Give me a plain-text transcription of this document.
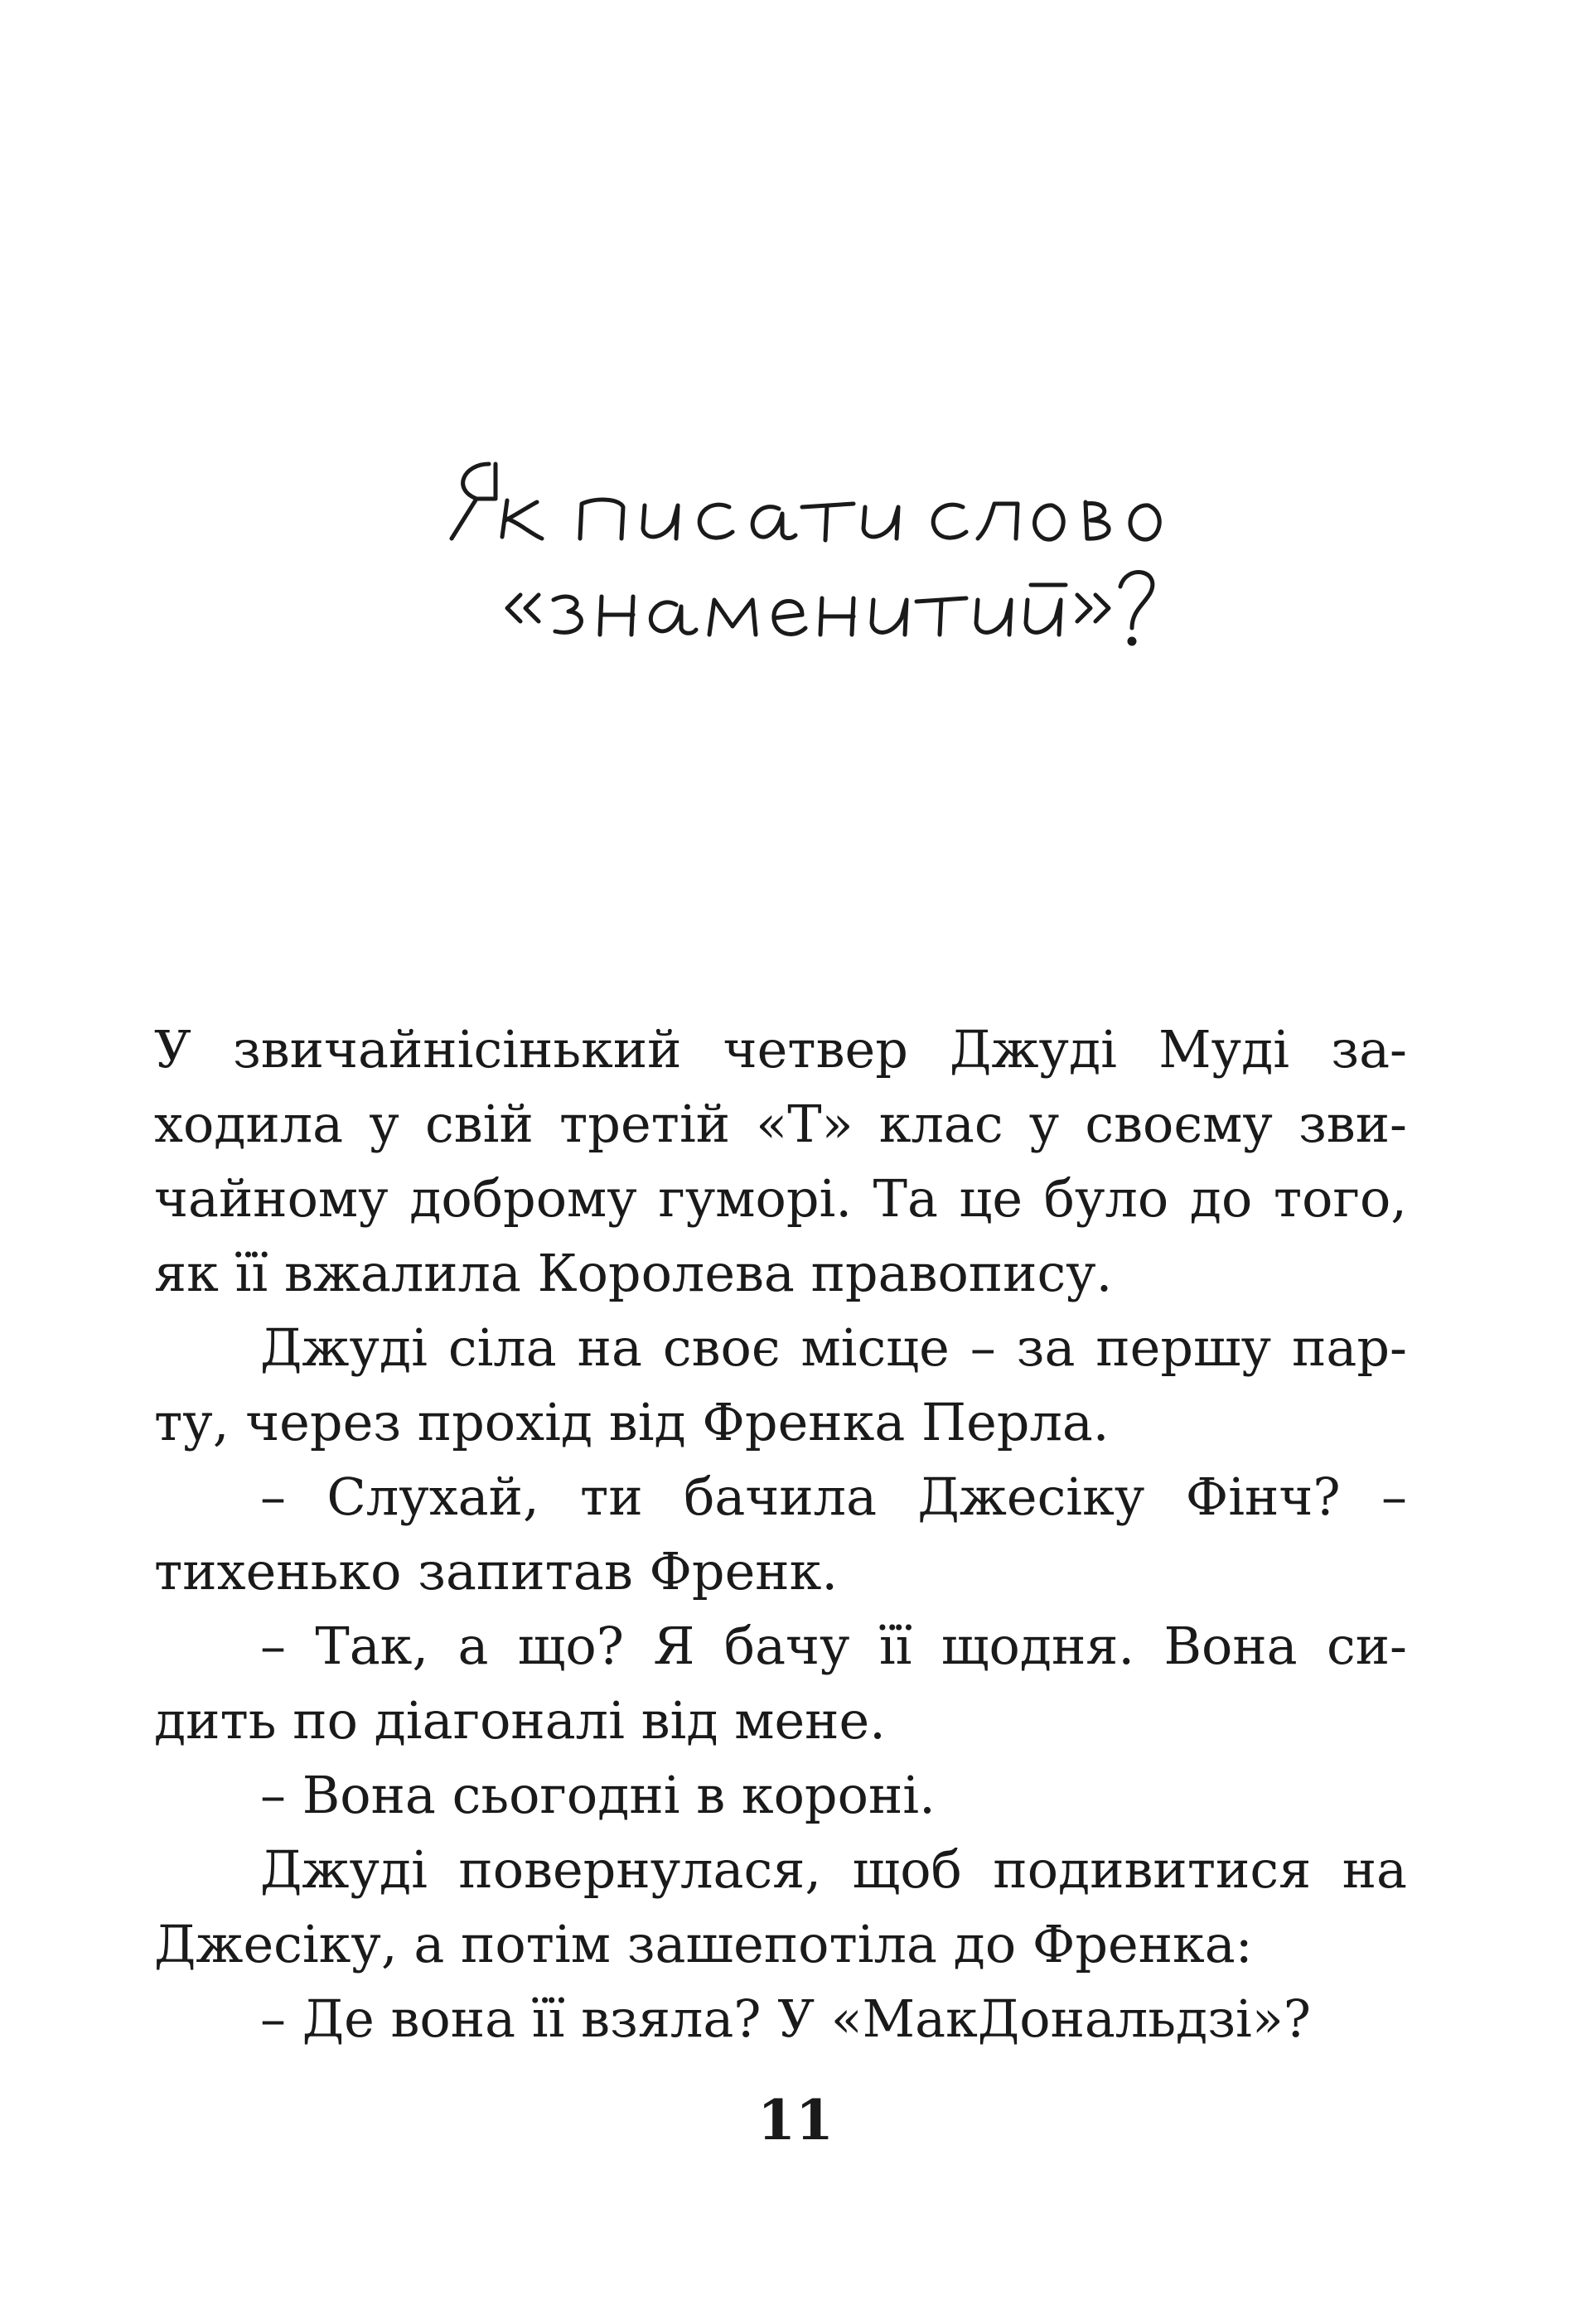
У звичайнісінький четвер Джуді Муді за-
ходила у свій третій «Т» клас у своєму зви-
чайному доброму гуморі. Та це було до того,
як її вжалила Королева правопису.
Джуді сіла на своє місце – за першу пар-
ту, через прохід від Френка Перла.
– Слухай, ти бачила Джесіку Фінч? –
тихенько запитав Френк.
– Так, а що? Я бачу її щодня. Вона си-
дить по діагоналі від мене.
– Вона сьогодні в короні.
Джуді повернулася, щоб подивитися на
Джесіку, а потім зашепотіла до Френка:
– Де вона її взяла? У «МакДональдзі»?
11
